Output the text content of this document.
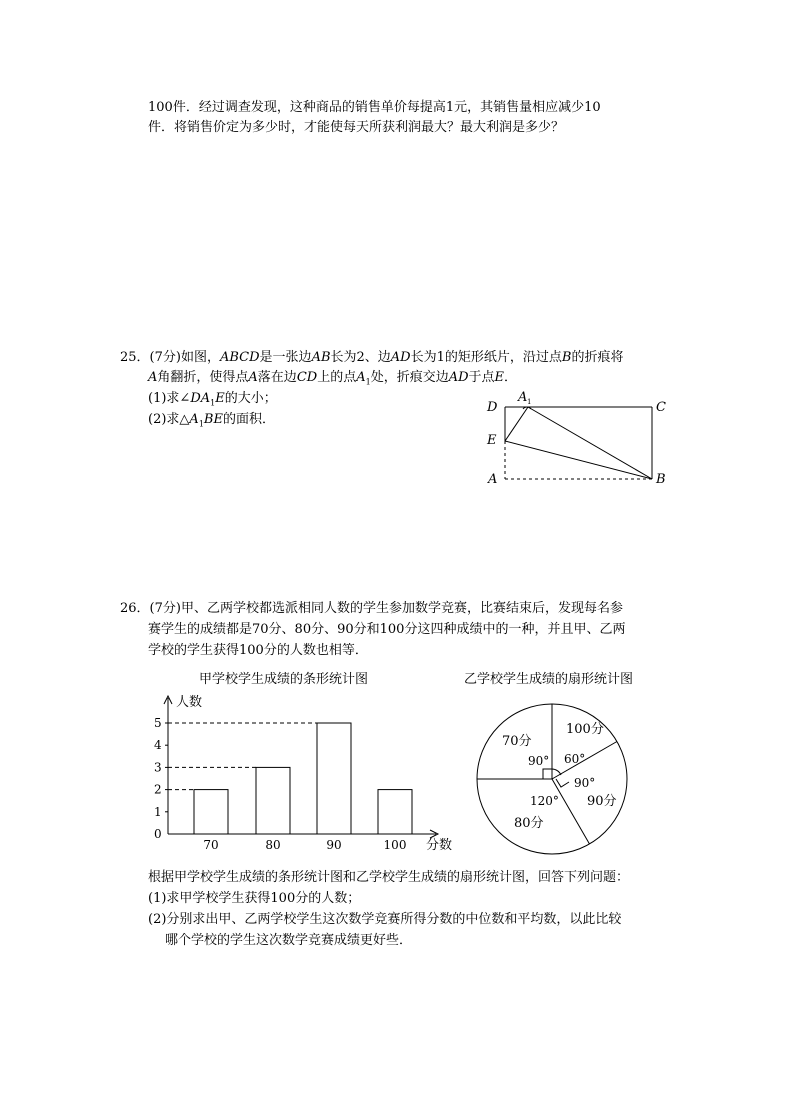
100件．经过调查发现，这种商品的销售单价每提高1元，其销售量相应减少10
件．将销售价定为多少时，才能使每天所获利润最大？最大利润是多少？
25．(7分)如图，ABCD是一张边AB长为2、边AD长为1的矩形纸片，沿过点B的折痕将
A角翻折，使得点A落在边CD上的点$A_1$处，折痕交边AD于点E．
(1)求$\angle DA_1E$的大小；
(2)求$\triangle A_1BE$的面积．
D
A 1	C
E
A	B
26．(7分)甲、乙两学校都选派相同人数的学生参加数学竞赛，比赛结束后，发现每名参
赛学生的成绩都是70分、80分、90分和100分这四种成绩中的一种，并且甲、乙两
学校的学生获得100分的人数也相等．
甲学校学生成绩的条形统计图
人数
分数
0
1
2
3
4
5
70	80	90	100
乙学校学生成绩的扇形统计图
70分
90°
100分
60°
90分
90°
80分
120°
根据甲学校学生成绩的条形统计图和乙学校学生成绩的扇形统计图，回答下列问题：
(1)求甲学校学生获得100分的人数；
(2)分别求出甲、乙两学校学生这次数学竞赛所得分数的中位数和平均数，以此比较
哪个学校的学生这次数学竞赛成绩更好些．
